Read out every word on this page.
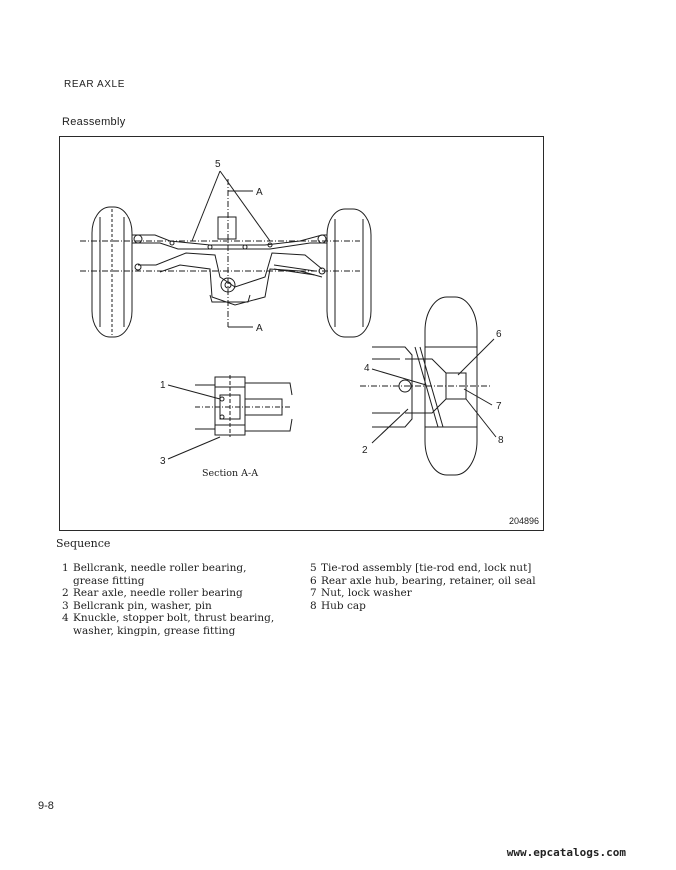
REAR AXLE
Reassembly
5
A
A
1
3
Section A-A
4
6
7
8
2
204896
Sequence
1 Bellcrank, needle roller bearing,
grease fitting
2 Rear axle, needle roller bearing
3 Bellcrank pin, washer, pin
4 Knuckle, stopper bolt, thrust bearing,
washer, kingpin, grease fitting
5 Tie-rod assembly [tie-rod end, lock nut]
6 Rear axle hub, bearing, retainer, oil seal
7 Nut, lock washer
8 Hub cap
9-8
www.epcatalogs.com
